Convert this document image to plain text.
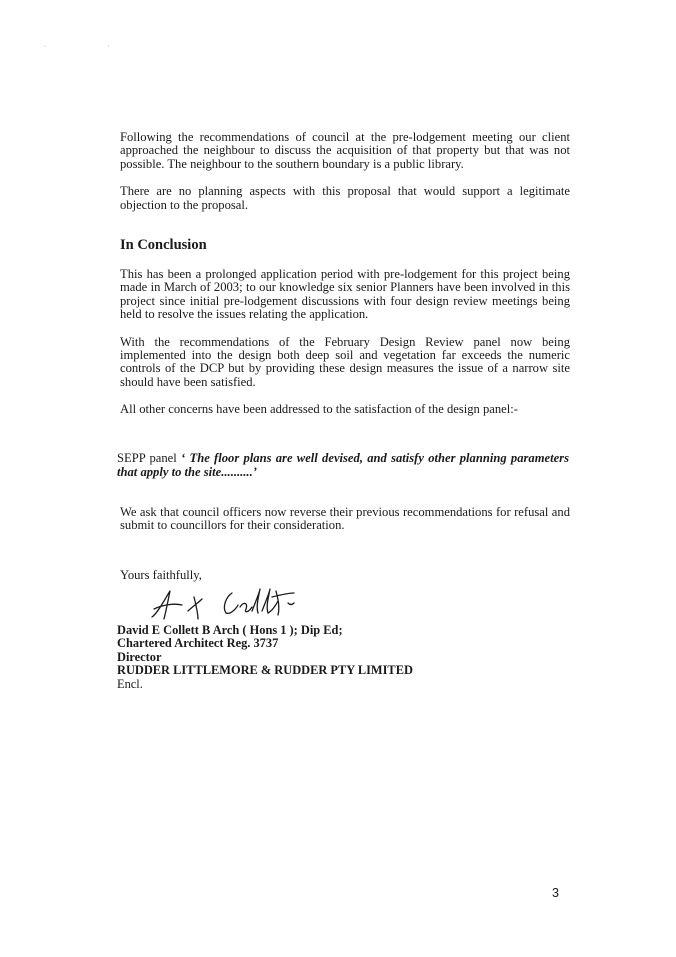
· ·

Following the recommendations of council at the pre-lodgement meeting our client approached the neighbour to discuss the acquisition of that property but that was not possible. The neighbour to the southern boundary is a public library.

There are no planning aspects with this proposal that would support a legitimate objection to the proposal.

In Conclusion

This has been a prolonged application period with pre-lodgement for this project being made in March of 2003; to our knowledge six senior Planners have been involved in this project since initial pre-lodgement discussions with four design review meetings being held to resolve the issues relating the application.

With the recommendations of the February Design Review panel now being implemented into the design both deep soil and vegetation far exceeds the numeric controls of the DCP but by providing these design measures the issue of a narrow site should have been satisfied.

All other concerns have been addressed to the satisfaction of the design panel:-

SEPP panel ‘ The floor plans are well devised, and satisfy other planning parameters that apply to the site..........’

We ask that council officers now reverse their previous recommendations for refusal and submit to councillors for their consideration.

Yours faithfully,
David E Collett B Arch ( Hons 1 ); Dip Ed;
Chartered Architect Reg. 3737
Director
RUDDER LITTLEMORE & RUDDER PTY LIMITED
Encl.
3
